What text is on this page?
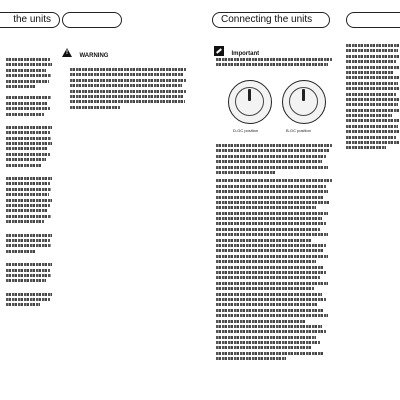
the units	Connecting the units
! WARNING	Important
D-GC position	B-GC position
